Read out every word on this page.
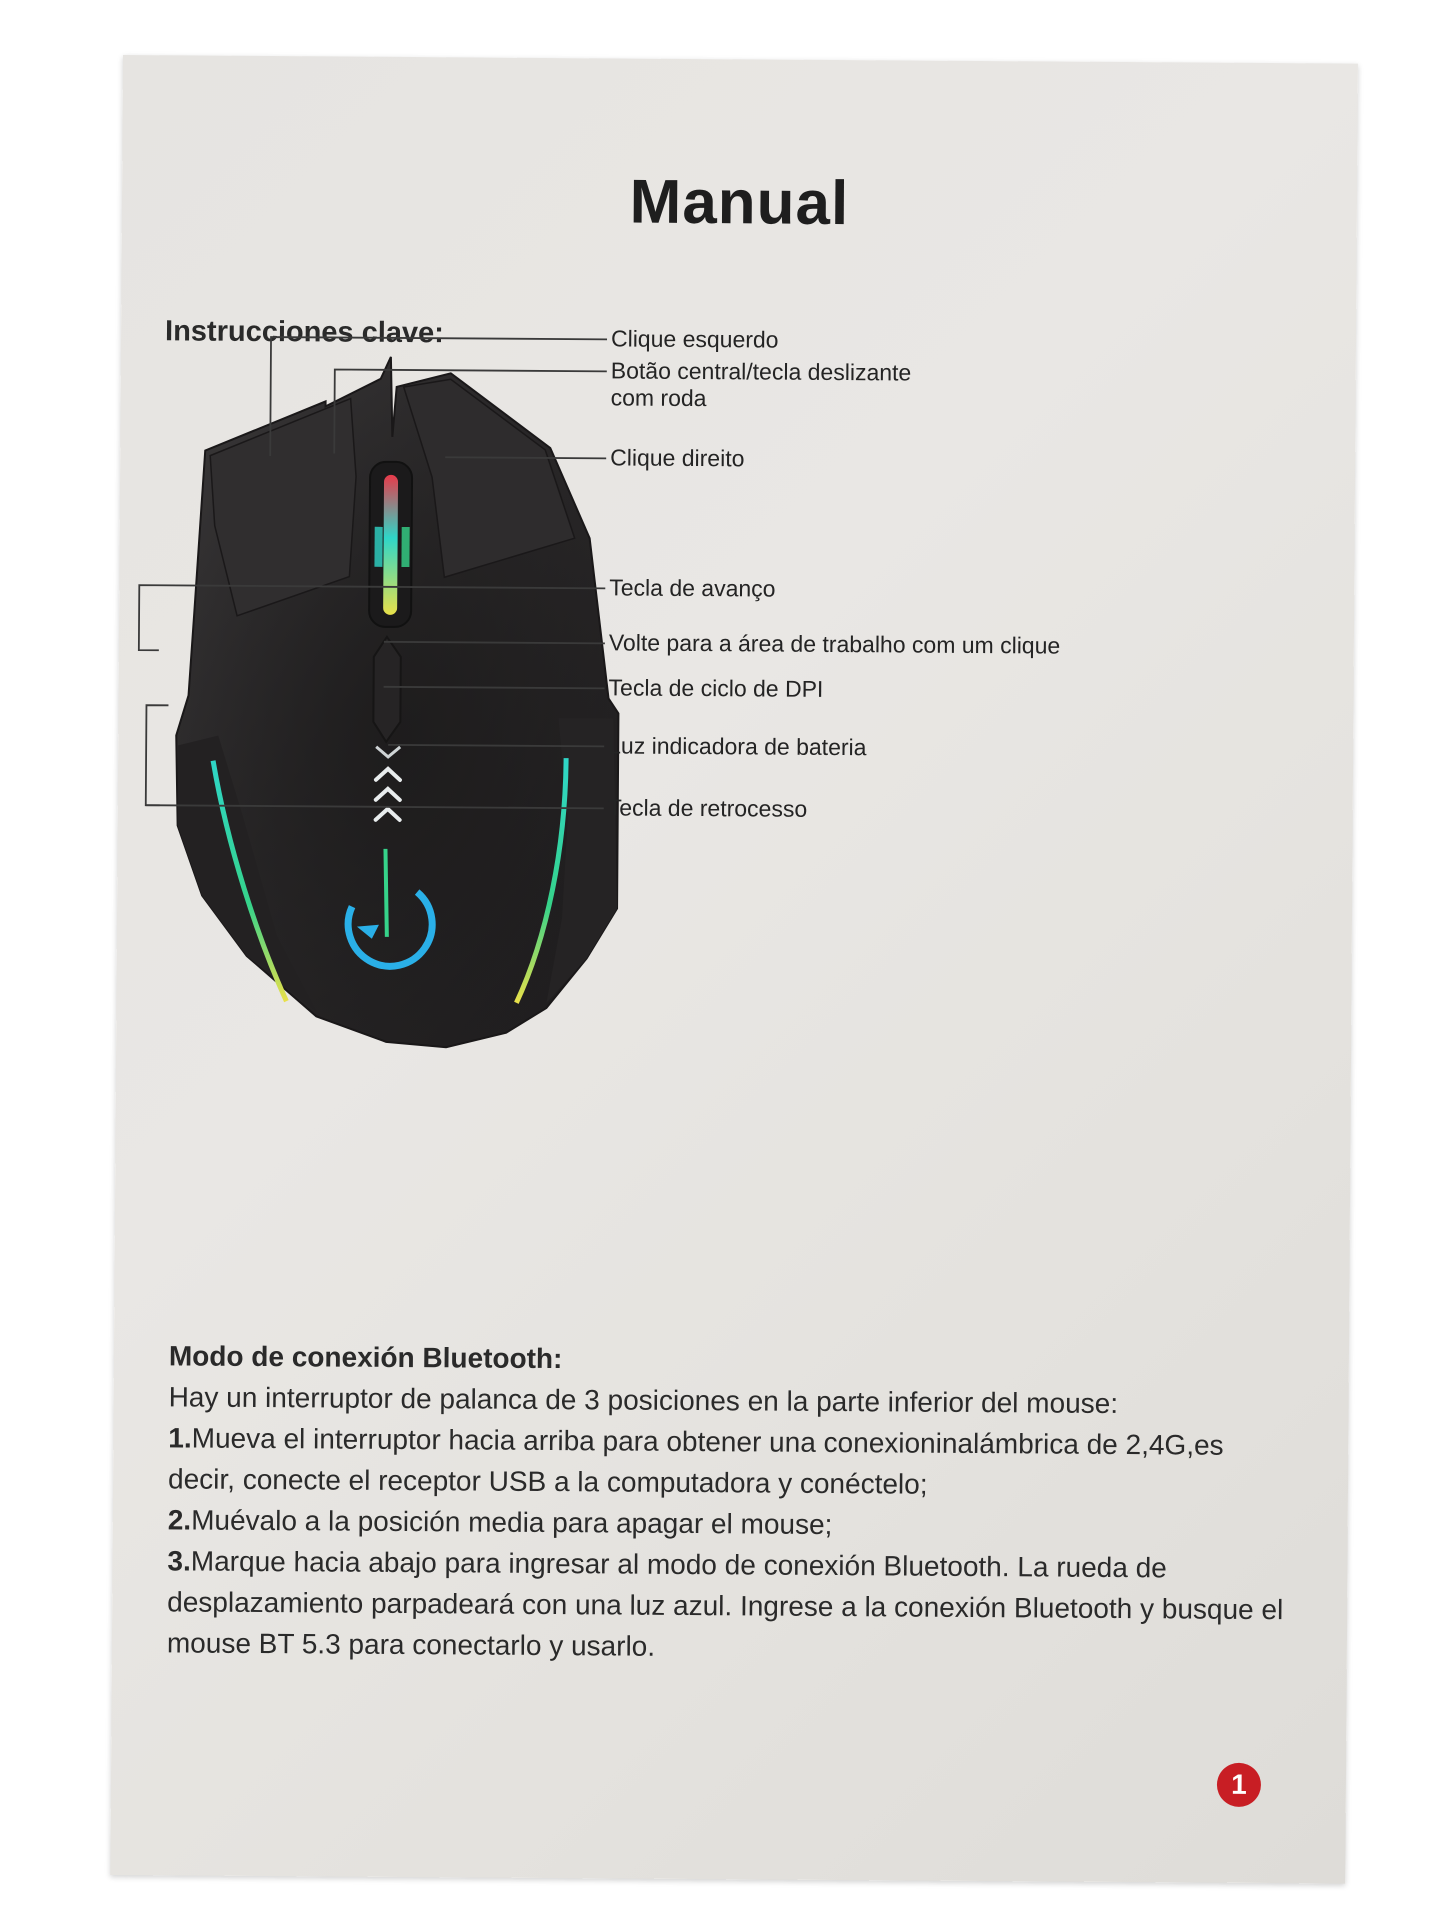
Manual
Instrucciones clave:	Clique esquerdo
Botão central/tecla deslizante
com roda
Clique direito
Tecla de avanço
Volte para a área de trabalho com um clique
Tecla de ciclo de DPI
Luz indicadora de bateria
Tecla de retrocesso
Modo de conexión Bluetooth:

Hay un interruptor de palanca de 3 posiciones en la parte inferior del mouse:

1.Mueva el interruptor hacia arriba para obtener una conexioninalámbrica de 2,4G,es decir, conecte el receptor USB a la computadora y conéctelo;

2.Muévalo a la posición media para apagar el mouse;

3.Marque hacia abajo para ingresar al modo de conexión Bluetooth. La rueda de desplazamiento parpadeará con una luz azul. Ingrese a la conexión Bluetooth y busque el mouse BT 5.3 para conectarlo y usarlo.

1
